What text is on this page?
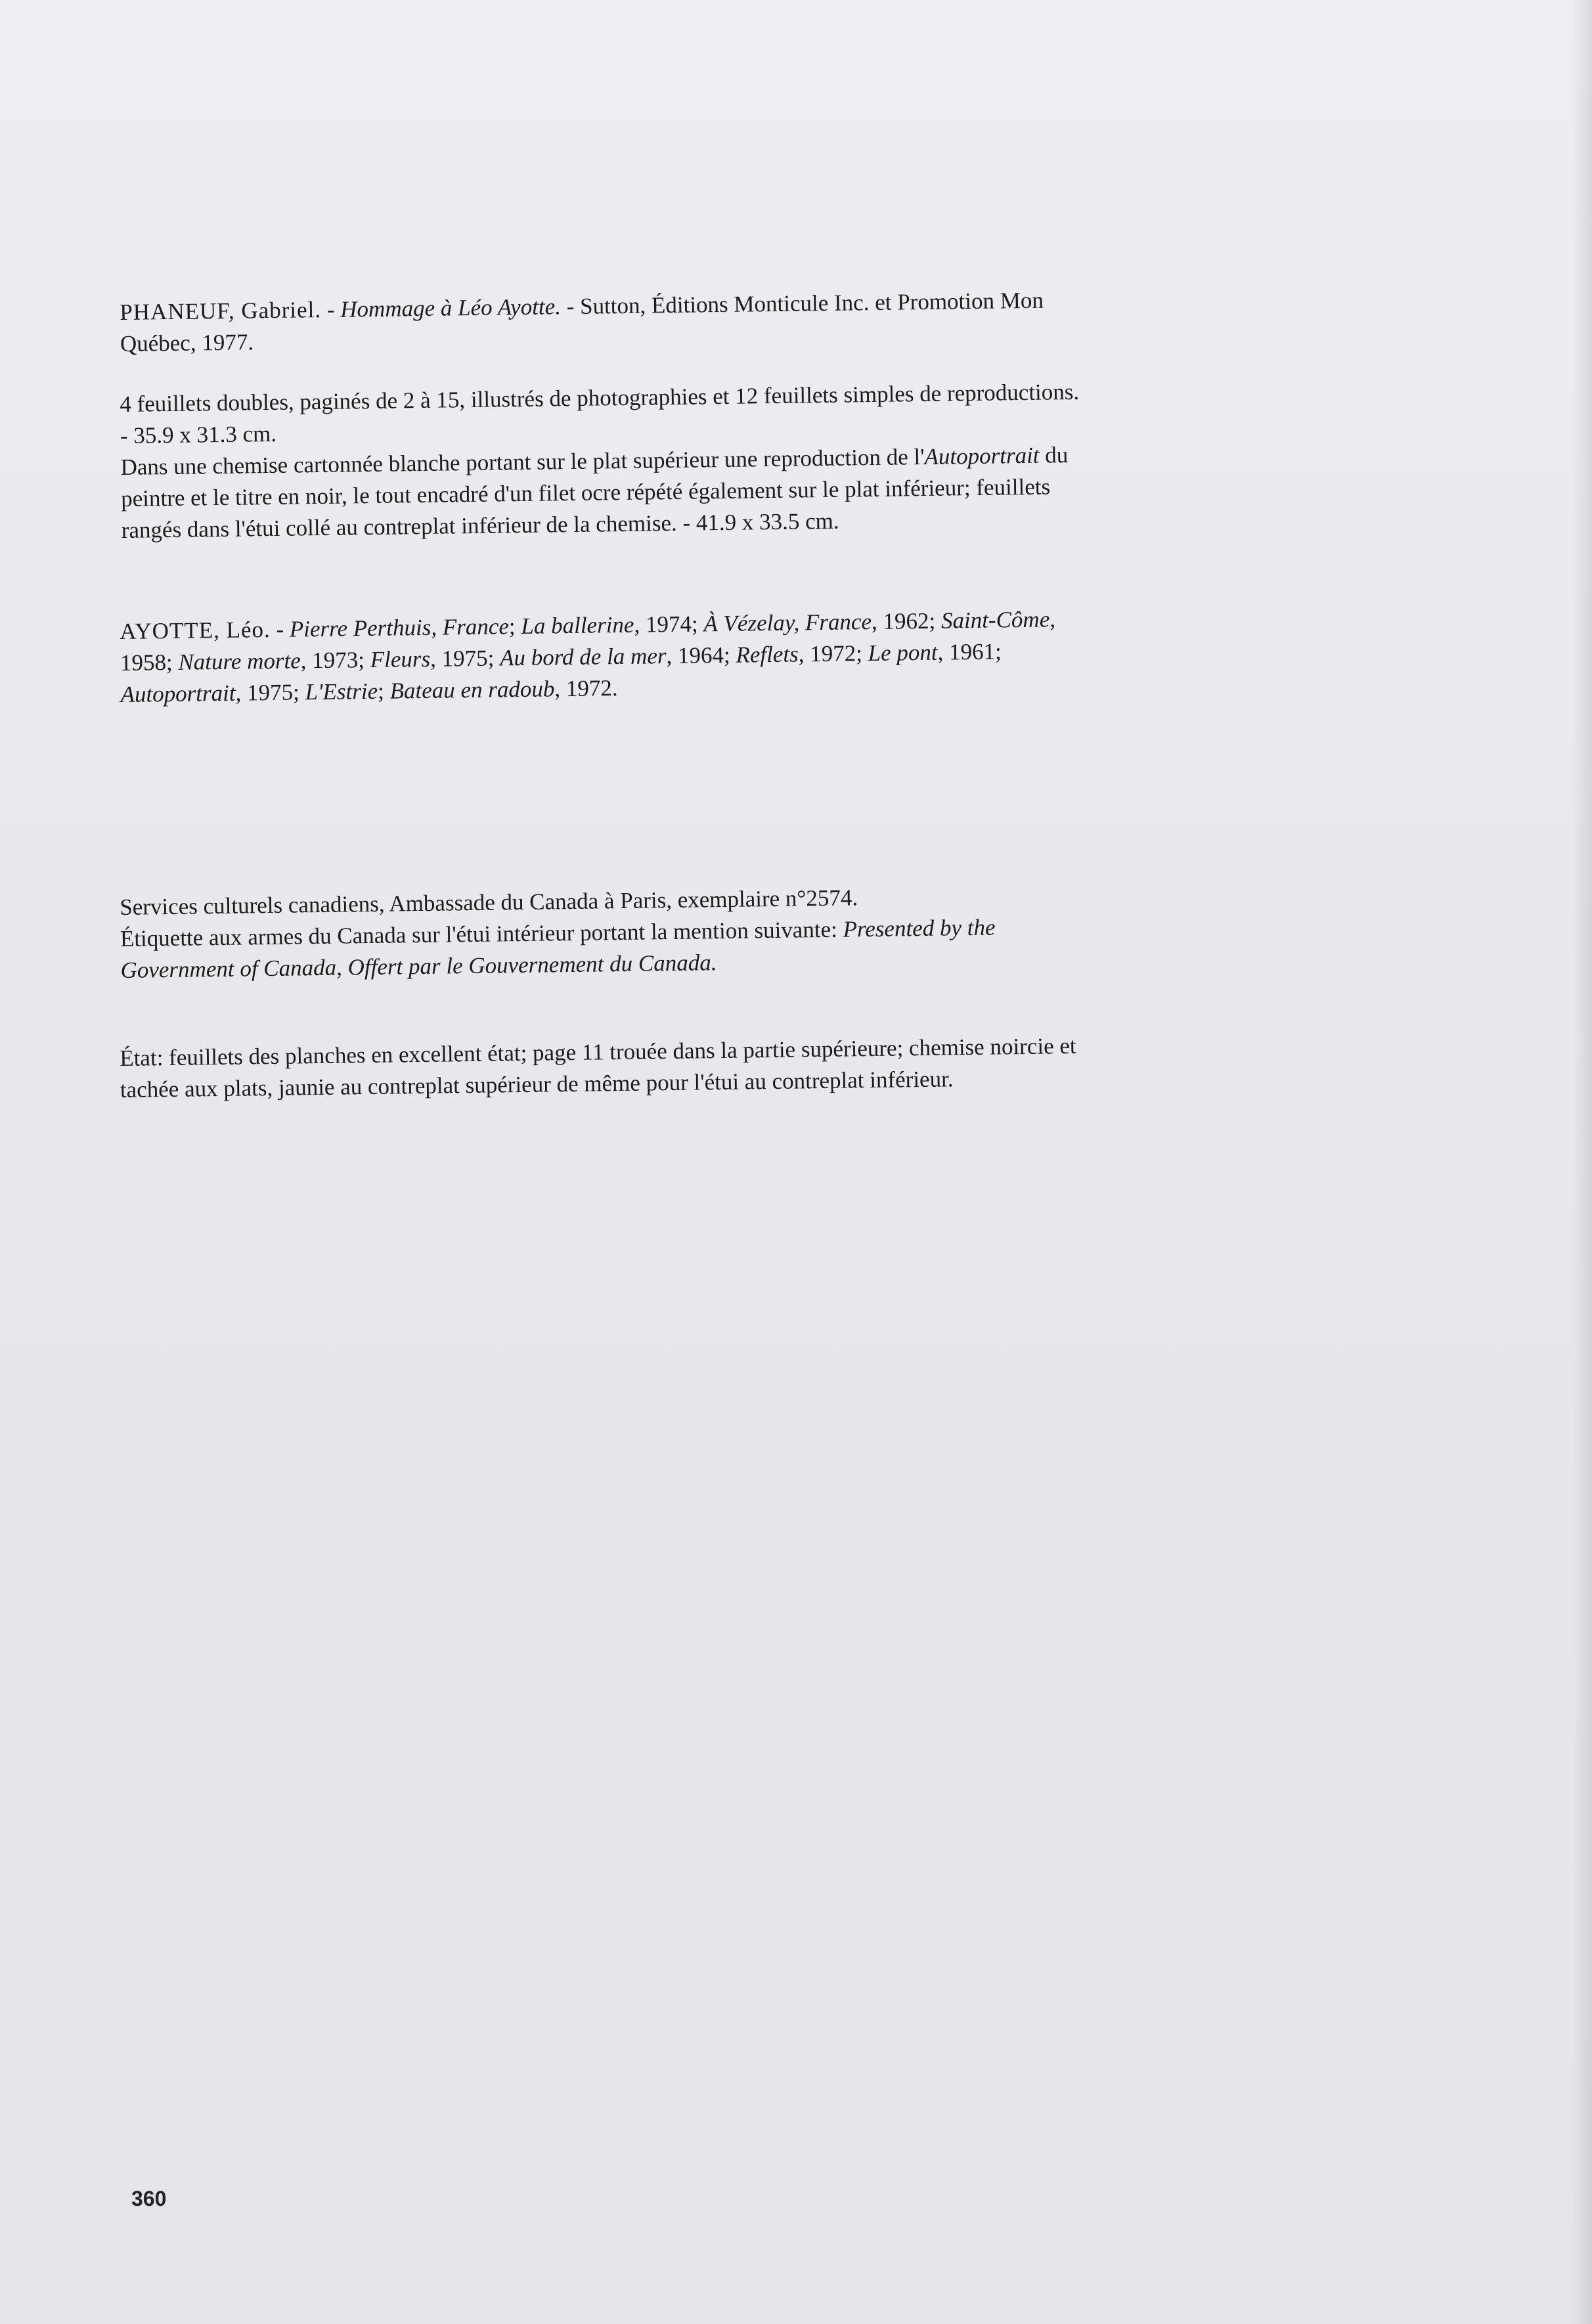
PHANEUF, Gabriel. - Hommage à Léo Ayotte. - Sutton, Éditions Monticule Inc. et Promotion Mon

Québec, 1977.

4 feuillets doubles, paginés de 2 à 15, illustrés de photographies et 12 feuillets simples de reproductions.

- 35.9 x 31.3 cm.

Dans une chemise cartonnée blanche portant sur le plat supérieur une reproduction de l'Autoportrait du

peintre et le titre en noir, le tout encadré d'un filet ocre répété également sur le plat inférieur; feuillets

rangés dans l'étui collé au contreplat inférieur de la chemise. - 41.9 x 33.5 cm.

AYOTTE, Léo. - Pierre Perthuis, France; La ballerine, 1974; À Vézelay, France, 1962; Saint-Côme,

1958; Nature morte, 1973; Fleurs, 1975; Au bord de la mer, 1964; Reflets, 1972; Le pont, 1961;

Autoportrait, 1975; L'Estrie; Bateau en radoub, 1972.

Services culturels canadiens, Ambassade du Canada à Paris, exemplaire n°2574.

Étiquette aux armes du Canada sur l'étui intérieur portant la mention suivante: Presented by the

Government of Canada, Offert par le Gouvernement du Canada.

État: feuillets des planches en excellent état; page 11 trouée dans la partie supérieure; chemise noircie et

tachée aux plats, jaunie au contreplat supérieur de même pour l'étui au contreplat inférieur.

360
